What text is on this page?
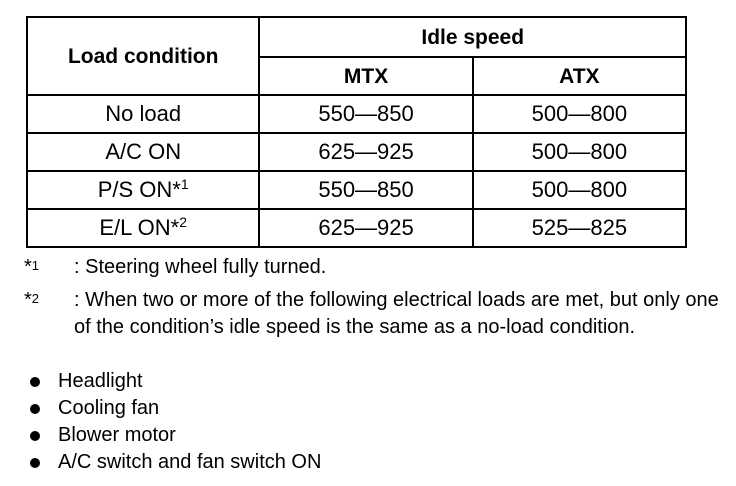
Load condition	Idle speed	
	MTX	ATX
No load	550—850	500—800
A/C ON	625—925	500—800
P/S ON*$^1$	550—850	500—800
E/L ON*$^2$	625—925	525—825
*$^1$	: Steering wheel fully turned.
*$^2$	: When two or more of the following electrical loads are met, but only one of the condition’s idle speed is the same as a no-load condition.
Headlight
Cooling fan
Blower motor
A/C switch and fan switch ON
